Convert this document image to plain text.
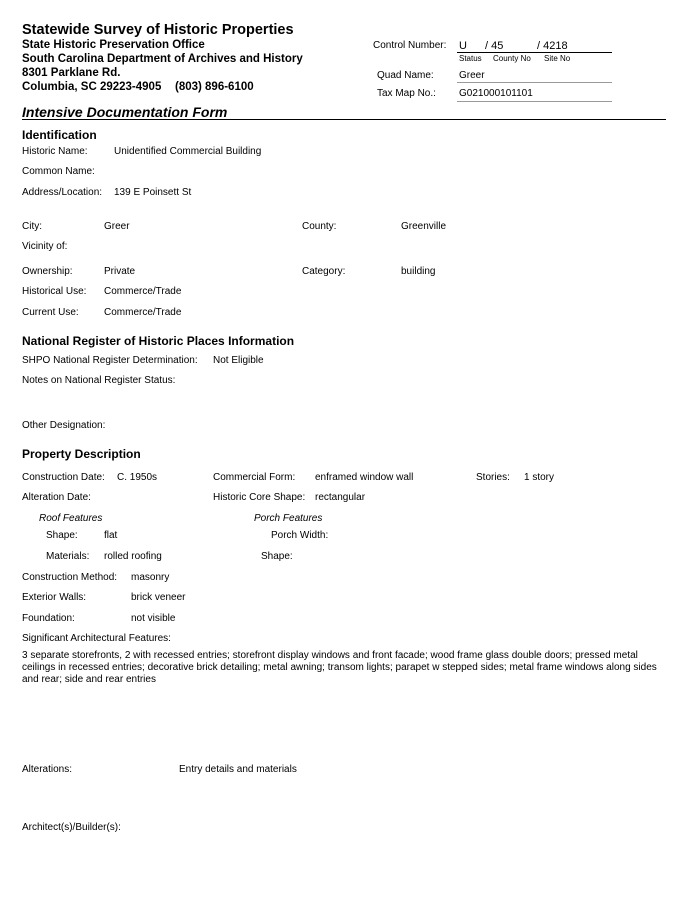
Statewide Survey of Historic Properties
State Historic Preservation Office
South Carolina Department of Archives and History
8301 Parklane Rd.
Columbia, SC 29223-4905 (803) 896-6100
Control Number: U / 45	/ 4218
Status County No Site No
Quad Name:	Greer
Tax Map No.: G021000101101
Intensive Documentation Form
Identification
Historic Name:	Unidentified Commercial Building
Common Name:
Address/Location: 139 E Poinsett St
City:	Greer	County:	Greenville
Vicinity of:
Ownership:	Private	Category:	building
Historical Use: Commerce/Trade
Current Use:	Commerce/Trade
National Register of Historic Places Information
SHPO National Register Determination: Not Eligible
Notes on National Register Status:
Other Designation:
Property Description
Construction Date: C. 1950s	Commercial Form: enframed window wall	Stories: 1 story
Alteration Date:	Historic Core Shape: rectangular
Roof Features	Porch Features
Shape:	flat	Porch Width:
Materials: rolled roofing	Shape:
Construction Method: masonry
Exterior Walls:	brick veneer
Foundation:	not visible
Significant Architectural Features:
3 separate storefronts, 2 with recessed entries; storefront display windows and front facade; wood frame glass double doors; pressed metal ceilings in recessed entries; decorative brick detailing; metal awning; transom lights; parapet w stepped sides; metal frame windows along sides and rear; side and rear entries
Alterations:	Entry details and materials
Architect(s)/Builder(s):
